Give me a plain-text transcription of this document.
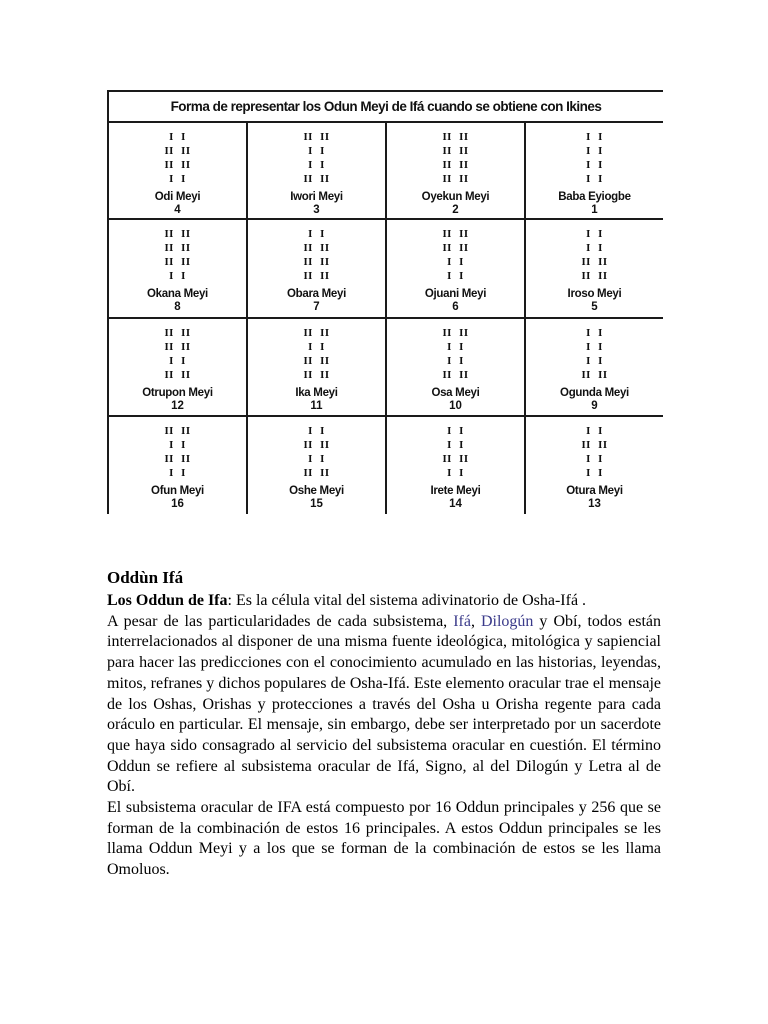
Forma de representar los Odun Meyi de Ifá cuando se obtiene con Ikines
I  I
II  II
II  II
I  I
Odi Meyi
4
II  II
I  I
I  I
II  II
Iwori Meyi
3
II  II
II  II
II  II
II  II
Oyekun Meyi
2
I  I
I  I
I  I
I  I
Baba Eyiogbe
1
II  II
II  II
II  II
I  I
Okana Meyi
8
I  I
II  II
II  II
II  II
Obara Meyi
7
II  II
II  II
I  I
I  I
Ojuani Meyi
6
I  I
I  I
II  II
II  II
Iroso Meyi
5
II  II
II  II
I  I
II  II
Otrupon Meyi
12
II  II
I  I
II  II
II  II
Ika Meyi
11
II  II
I  I
I  I
II  II
Osa Meyi
10
I  I
I  I
I  I
II  II
Ogunda Meyi
9
II  II
I  I
II  II
I  I
Ofun Meyi
16
I  I
II  II
I  I
II  II
Oshe Meyi
15
I  I
I  I
II  II
I  I
Irete Meyi
14
I  I
II  II
I  I
I  I
Otura Meyi
13
Oddùn Ifá

Los Oddun de Ifa: Es la célula vital del sistema adivinatorio de Osha-Ifá .

A pesar de las particularidades de cada subsistema, Ifá, Dilogún y Obí, todos están interrelacionados al disponer de una misma fuente ideológica, mitológica y sapiencial para hacer las predicciones con el conocimiento acumulado en las historias, leyendas, mitos, refranes y dichos populares de Osha-Ifá. Este elemento oracular trae el mensaje de los Oshas, Orishas y protecciones a través del Osha u Orisha regente para cada oráculo en particular. El mensaje, sin embargo, debe ser interpretado por un sacerdote que haya sido consagrado al servicio del subsistema oracular en cuestión. El término Oddun se refiere al subsistema oracular de Ifá, Signo, al del Dilogún y Letra al de Obí.

El subsistema oracular de IFA está compuesto por 16 Oddun principales y 256 que se forman de la combinación de estos 16 principales. A estos Oddun principales se les llama Oddun Meyi y a los que se forman de la combinación de estos se les llama Omoluos.
